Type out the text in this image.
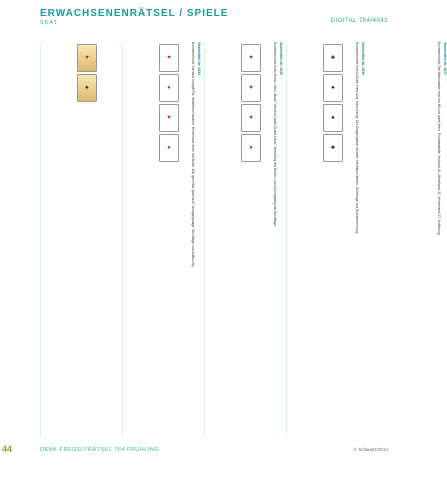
ERWACHSENENRÄTSEL / SPIELE
SKAT	DIGITAL 764/4042
Skatkniffel-Nr. 3534

Kurzbeschrieb: Vorhand trumpft Pik, Mittelhand bedient, Hinterhand sticht mit Bube. Wie geht das Spiel aus? Ausgangslage, Stichfolge und Auflösung.

♥
♠
Skatkniffel-Nr. 3535

Kurzbeschrieb: Karo-Kreuz, Herz, Bube. Vorhand spielt Grand Hand. Verteilung der Karten und Lösungsweg mit Stichfolge.

♥
♦
♥
♦
Skatkniffel-Nr. 3536

Kurzbeschrieb: Kreuz-Bube, Herz-Ass, Karo-König. Die Gegenspieler müssen die Bilanz klären. Stichfolge und Endabrechnung.

♥
♥
♥
♦
Skatkniffel-Nr. 3537

Kurzbeschrieb: Der Alleinspieler reizt bis 48 und spielt Herz. Punktetabelle: Vorhand 61, Mittelhand 32, Hinterhand 27. Auflösung.

♣
♠
♠
♣
44	DENK-FREIZEITRÄTSEL 764 FRÜHLING	© Schwartz/2014
